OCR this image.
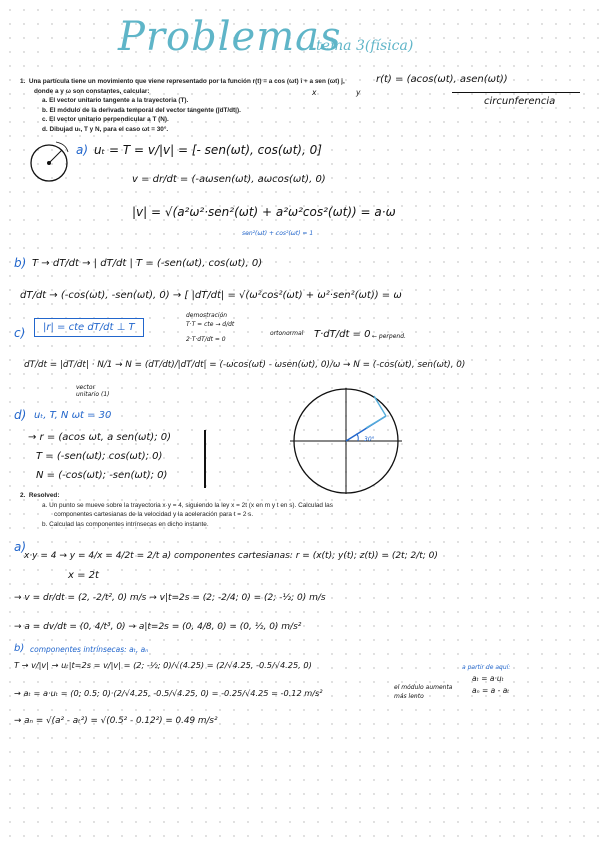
Problemas
tema 3(física)
1. Una partícula tiene un movimiento que viene representado por la función r(t) = a cos (ωt) î + a sen (ωt) ĵ,
donde a y ω son constantes, calcular:
a. El vector unitario tangente a la trayectoria (T).
b. El módulo de la derivada temporal del vector tangente (|dT/dt|).
c. El vector unitario perpendicular a T (N).
d. Dibujad uₜ, T y N, para el caso ωt = 30°.
r(t) = (acos(ωt), asen(ωt))
x	y
circunferencia
a) uₜ = T = v/|v| = [- sen(ωt), cos(ωt), 0]
v = dr/dt = (-aωsen(ωt), aωcos(ωt), 0)
|v| = √(a²ω²·sen²(ωt) + a²ω²cos²(ωt)) = a·ω
sen²(ωt) + cos²(ωt) = 1
b) T → dT/dt → | dT/dt | T = (-sen(ωt), cos(ωt), 0)
dT/dt → (-cos(ωt), -sen(ωt), 0) → [ |dT/dt| = √(ω²cos²(ωt) + ω²·sen²(ωt)) = ω
c)	|r| = cte dT/dt ⊥ T
demostración
T·T = cte → d/dt
2·T·dT/dt = 0
ortonormal T·dT/dt = 0 ← perpend.
dT/dt = |dT/dt| · N/1 → N = (dT/dt)/|dT/dt| = (-ωcos(ωt) - ωsen(ωt), 0)/ω → N = (-cos(ωt), sen(ωt), 0)
vector unitario (1)
d) uₜ, T, N ωt = 30
→ r = (acos ωt, a sen(ωt); 0)
T = (-sen(ωt); cos(ωt); 0)
N = (-cos(ωt); -sen(ωt); 0)
30°
2. Resolved:
a. Un punto se mueve sobre la trayectoria x·y = 4, siguiendo la ley x = 2t (x en m y t en s). Calculad las
componentes cartesianas de la velocidad y la aceleración para t = 2 s.
b. Calculad las componentes intrínsecas en dicho instante.
a)
x·y = 4 → y = 4/x = 4/2t = 2/t a) componentes cartesianas: r = (x(t); y(t); z(t)) = (2t; 2/t; 0)
x = 2t
→ v = dr/dt = (2, -2/t², 0) m/s → v|t=2s = (2; -2/4; 0) = (2; -½; 0) m/s
→ a = dv/dt = (0, 4/t³, 0) → a|t=2s = (0, 4/8, 0) = (0, ½, 0) m/s²
b) componentes intrínsecas: aₜ, aₙ
T → v/|v| → uₜ|t=2s = v/|v| = (2; -½; 0)/√(4.25) = (2/√4.25, -0.5/√4.25, 0)
→ aₜ = a·uₜ = (0; 0.5; 0)·(2/√4.25, -0.5/√4.25, 0) = -0.25/√4.25 = -0.12 m/s²
el módulo aumenta
más lento
→ aₙ = √(a² - aₜ²) = √(0.5² - 0.12²) = 0.49 m/s²
a partir de aquí:
aₜ = a·uₜ
aₙ = a - aₜ
